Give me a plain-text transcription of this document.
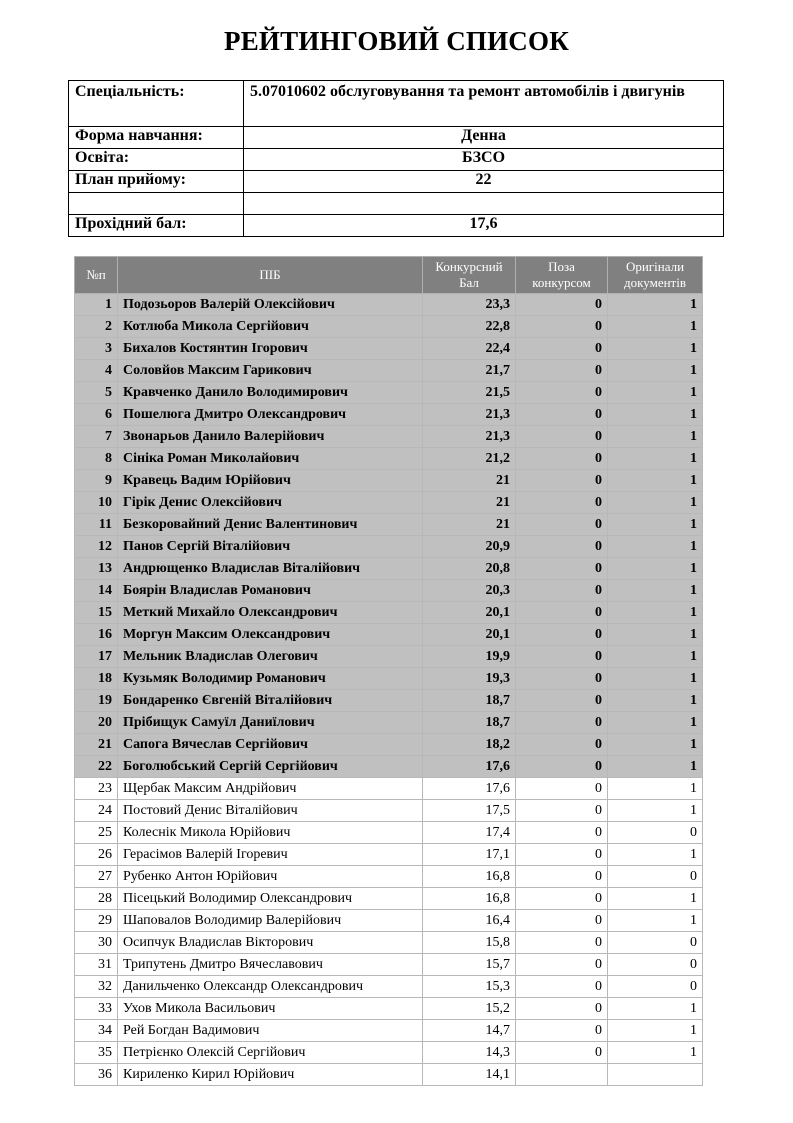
РЕЙТИНГОВИЙ СПИСОК
Спеціальність:	5.07010602 обслуговування та ремонт автомобілів і двигунів
Форма навчання:	Денна
Освіта:	БЗСО
План прийому:	22

Прохідний бал:	17,6
№п	ПІБ	Конкурсний Бал	Поза конкурсом	Оригінали документів
1	Подозьоров Валерій Олексійович	23,3	0	1
2	Котлюба Микола Сергійович	22,8	0	1
3	Бихалов Костянтин Ігорович	22,4	0	1
4	Соловйов Максим Гарикович	21,7	0	1
5	Кравченко Данило Володимирович	21,5	0	1
6	Пошелюга Дмитро Олександрович	21,3	0	1
7	Звонарьов Данило Валерійович	21,3	0	1
8	Сініка Роман Миколайович	21,2	0	1
9	Кравець Вадим Юрійович	21	0	1
10	Гірік Денис Олексійович	21	0	1
11	Безкоровайний Денис Валентинович	21	0	1
12	Панов Сергій Віталійович	20,9	0	1
13	Андрющенко Владислав Віталійович	20,8	0	1
14	Боярін Владислав Романович	20,3	0	1
15	Меткий Михайло Олександрович	20,1	0	1
16	Моргун Максим Олександрович	20,1	0	1
17	Мельник Владислав Олегович	19,9	0	1
18	Кузьмяк Володимир Романович	19,3	0	1
19	Бондаренко Євгеній Віталійович	18,7	0	1
20	Прібищук Самуїл Даниїлович	18,7	0	1
21	Сапога Вячеслав Сергійович	18,2	0	1
22	Боголюбський Сергій Сергійович	17,6	0	1
23	Щербак Максим Андрійович	17,6	0	1
24	Постовий Денис Віталійович	17,5	0	1
25	Колеснік Микола Юрійович	17,4	0	0
26	Герасімов Валерій Ігоревич	17,1	0	1
27	Рубенко Антон Юрійович	16,8	0	0
28	Пісецький Володимир Олександрович	16,8	0	1
29	Шаповалов Володимир Валерійович	16,4	0	1
30	Осипчук Владислав Вікторович	15,8	0	0
31	Трипутень Дмитро Вячеславович	15,7	0	0
32	Данильченко Олександр Олександрович	15,3	0	0
33	Ухов Микола Васильович	15,2	0	1
34	Рей Богдан Вадимович	14,7	0	1
35	Петрієнко Олексій Сергійович	14,3	0	1
36	Кириленко Кирил Юрійович	14,1		
